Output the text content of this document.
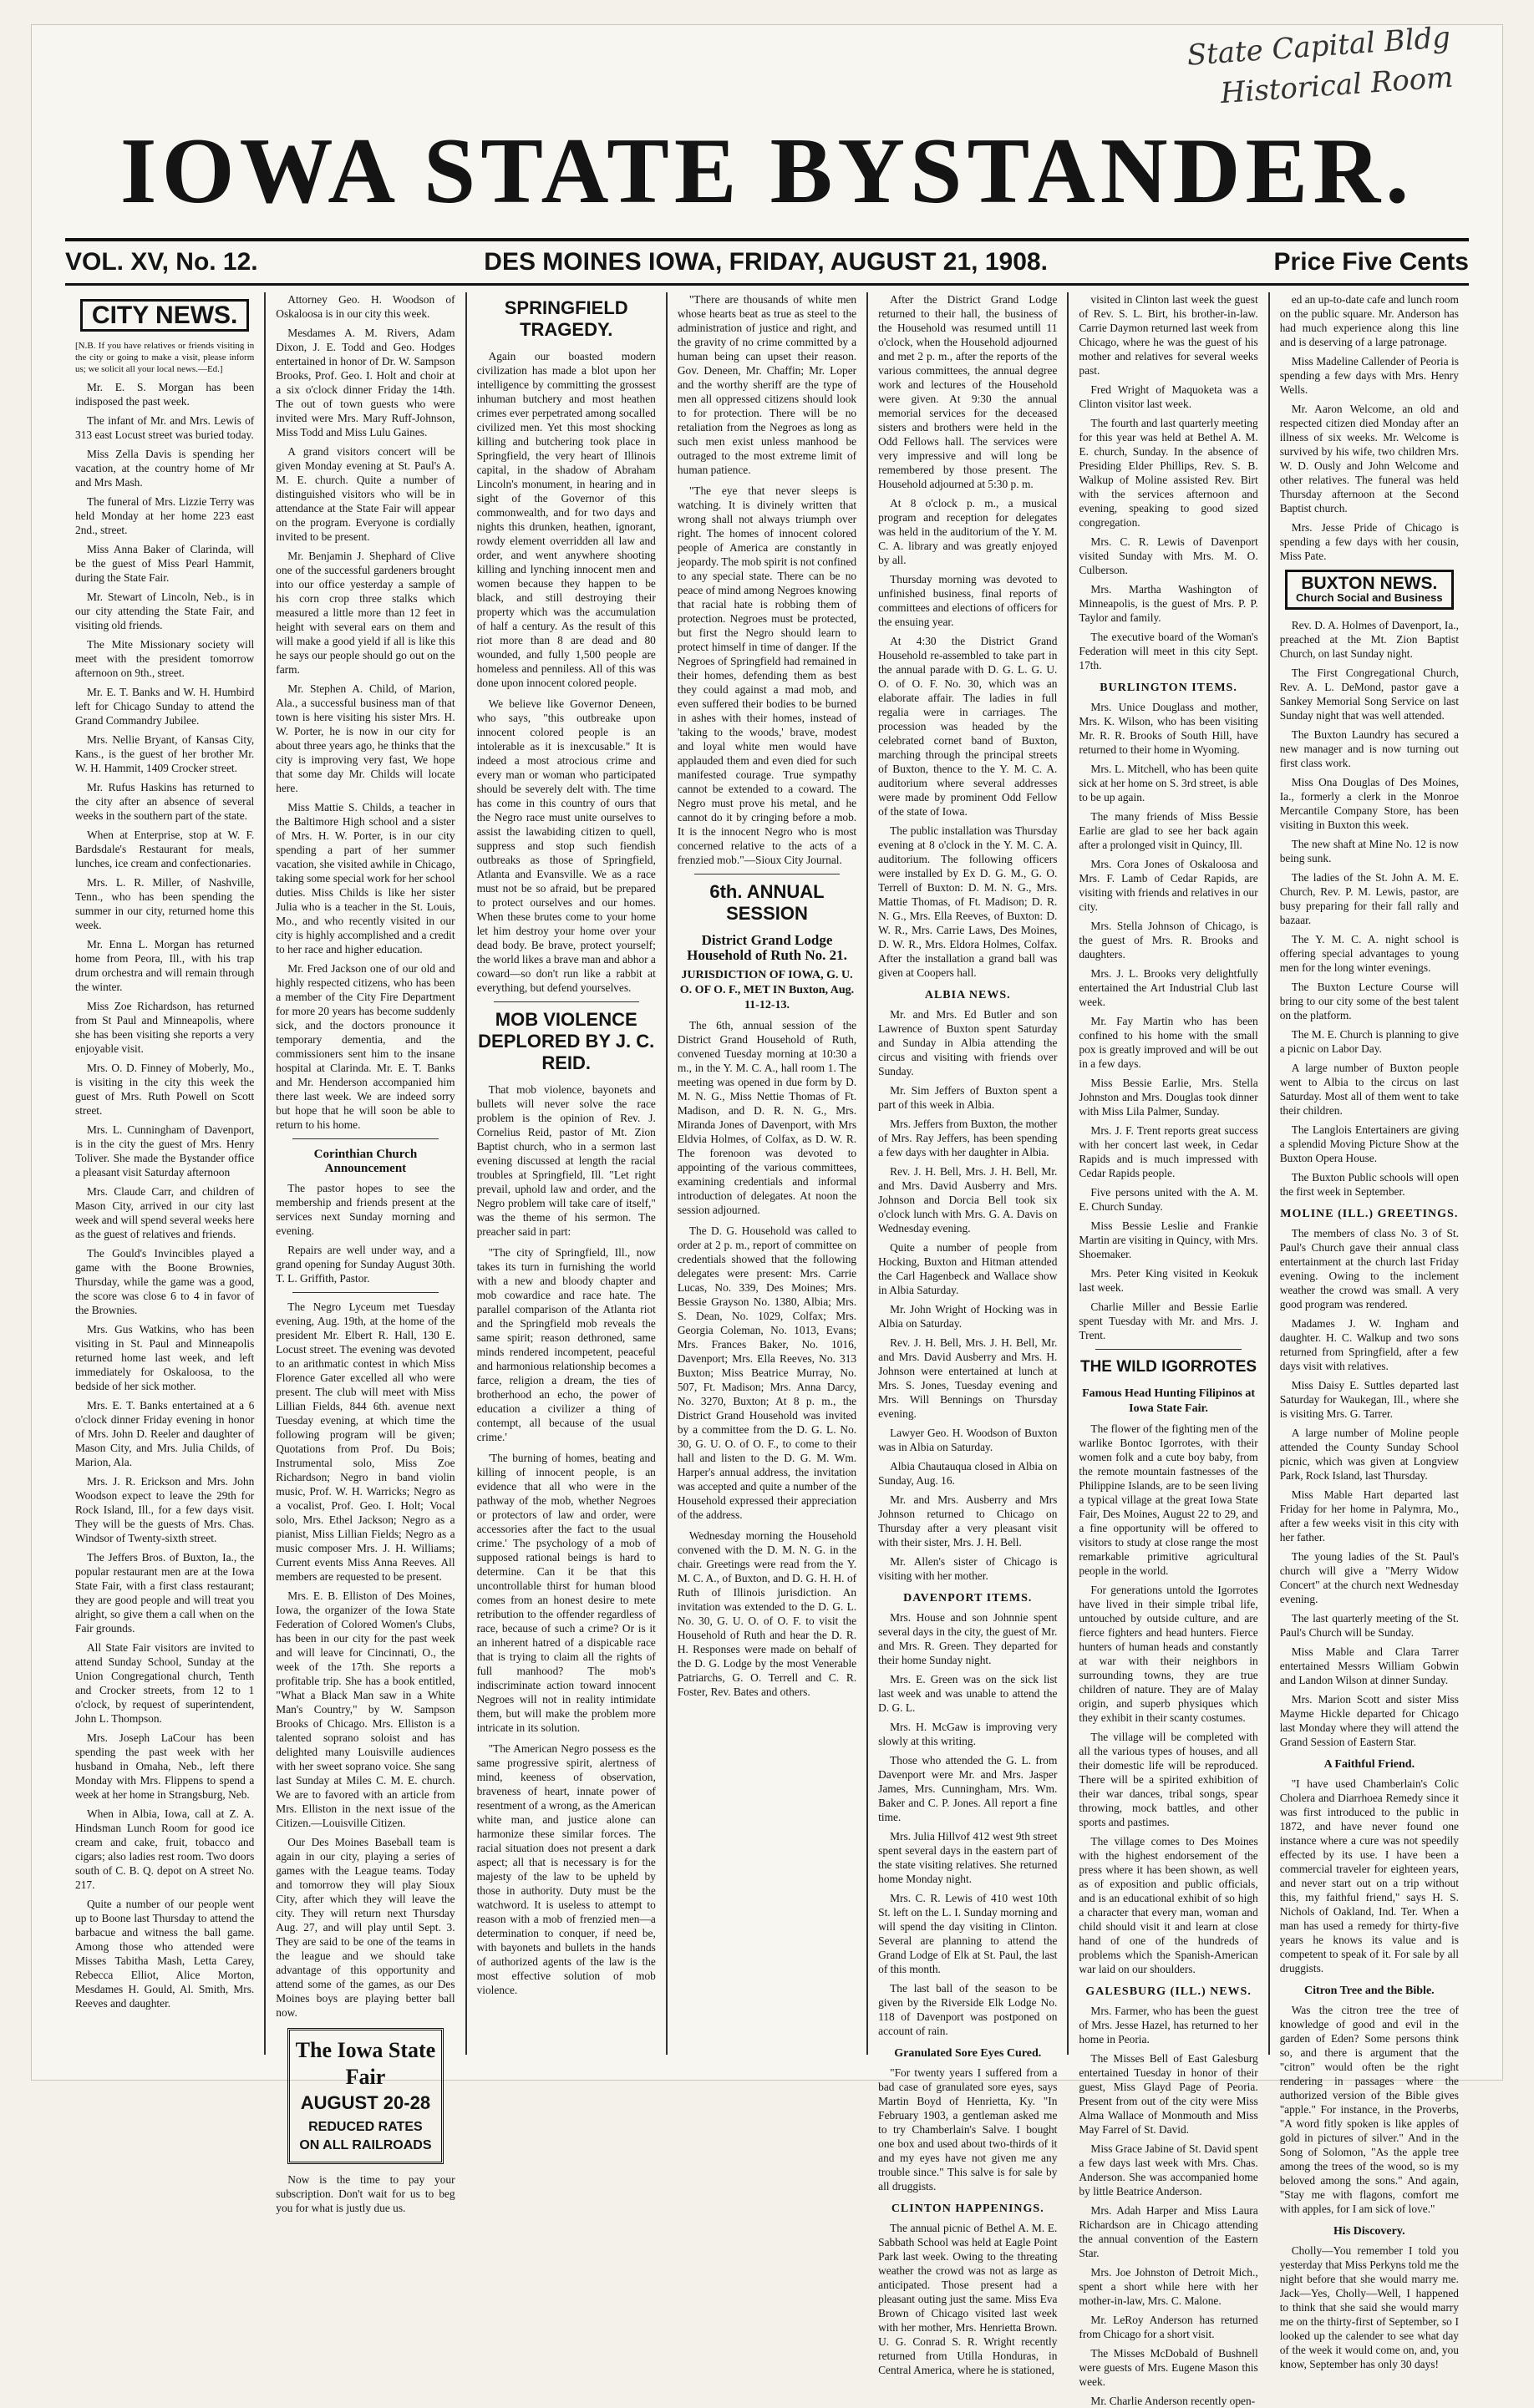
State Capital Bldg
Historical Room
IOWA STATE BYSTANDER.
VOL. XV, No. 12.	DES MOINES IOWA, FRIDAY, AUGUST 21, 1908.	Price Five Cents
CITY NEWS.
[N.B. If you have relatives or friends visiting in the city or going to make a visit, please inform us; we solicit all your local news.—Ed.]

Mr. E. S. Morgan has been indisposed the past week.

The infant of Mr. and Mrs. Lewis of 313 east Locust street was buried today.

Miss Zella Davis is spending her vacation, at the country home of Mr and Mrs Mash.

The funeral of Mrs. Lizzie Terry was held Monday at her home 223 east 2nd., street.

Miss Anna Baker of Clarinda, will be the guest of Miss Pearl Hammit, during the State Fair.

Mr. Stewart of Lincoln, Neb., is in our city attending the State Fair, and visiting old friends.

The Mite Missionary society will meet with the president tomorrow afternoon on 9th., street.

Mr. E. T. Banks and W. H. Humbird left for Chicago Sunday to attend the Grand Commandry Jubilee.

Mrs. Nellie Bryant, of Kansas City, Kans., is the guest of her brother Mr. W. H. Hammit, 1409 Crocker street.

Mr. Rufus Haskins has returned to the city after an absence of several weeks in the southern part of the state.

When at Enterprise, stop at W. F. Bardsdale's Restaurant for meals, lunches, ice cream and confectionaries.

Mrs. L. R. Miller, of Nashville, Tenn., who has been spending the summer in our city, returned home this week.

Mr. Enna L. Morgan has returned home from Peora, Ill., with his trap drum orchestra and will remain through the winter.

Miss Zoe Richardson, has returned from St Paul and Minneapolis, where she has been visiting she reports a very enjoyable visit.

Mrs. O. D. Finney of Moberly, Mo., is visiting in the city this week the guest of Mrs. Ruth Powell on Scott street.

Mrs. L. Cunningham of Davenport, is in the city the guest of Mrs. Henry Toliver. She made the Bystander office a pleasant visit Saturday afternoon

Mrs. Claude Carr, and children of Mason City, arrived in our city last week and will spend several weeks here as the guest of relatives and friends.

The Gould's Invincibles played a game with the Boone Brownies, Thursday, while the game was a good, the score was close 6 to 4 in favor of the Brownies.

Mrs. Gus Watkins, who has been visiting in St. Paul and Minneapolis returned home last week, and left immediately for Oskaloosa, to the bedside of her sick mother.

Mrs. E. T. Banks entertained at a 6 o'clock dinner Friday evening in honor of Mrs. John D. Reeler and daughter of Mason City, and Mrs. Julia Childs, of Marion, Ala.

Mrs. J. R. Erickson and Mrs. John Woodson expect to leave the 29th for Rock Island, Ill., for a few days visit. They will be the guests of Mrs. Chas. Windsor of Twenty-sixth street.

The Jeffers Bros. of Buxton, Ia., the popular restaurant men are at the Iowa State Fair, with a first class restaurant; they are good people and will treat you alright, so give them a call when on the Fair grounds.

All State Fair visitors are invited to attend Sunday School, Sunday at the Union Congregational church, Tenth and Crocker streets, from 12 to 1 o'clock, by request of superintendent, John L. Thompson.

Mrs. Joseph LaCour has been spending the past week with her husband in Omaha, Neb., left there Monday with Mrs. Flippens to spend a week at her home in Strangsburg, Neb.

When in Albia, Iowa, call at Z. A. Hindsman Lunch Room for good ice cream and cake, fruit, tobacco and cigars; also ladies rest room. Two doors south of C. B. Q. depot on A street No. 217.

Quite a number of our people went up to Boone last Thursday to attend the barbacue and witness the ball game. Among those who attended were Misses Tabitha Mash, Letta Carey, Rebecca Elliot, Alice Morton, Mesdames H. Gould, Al. Smith, Mrs. Reeves and daughter.

Attorney Geo. H. Woodson of Oskaloosa is in our city this week.

Mesdames A. M. Rivers, Adam Dixon, J. E. Todd and Geo. Hodges entertained in honor of Dr. W. Sampson Brooks, Prof. Geo. I. Holt and choir at a six o'clock dinner Friday the 14th. The out of town guests who were invited were Mrs. Mary Ruff-Johnson, Miss Todd and Miss Lulu Gaines.

A grand visitors concert will be given Monday evening at St. Paul's A. M. E. church. Quite a number of distinguished visitors who will be in attendance at the State Fair will appear on the program. Everyone is cordially invited to be present.

Mr. Benjamin J. Shephard of Clive one of the successful gardeners brought into our office yesterday a sample of his corn crop three stalks which measured a little more than 12 feet in height with several ears on them and will make a good yield if all is like this he says our people should go out on the farm.

Mr. Stephen A. Child, of Marion, Ala., a successful business man of that town is here visiting his sister Mrs. H. W. Porter, he is now in our city for about three years ago, he thinks that the city is improving very fast, We hope that some day Mr. Childs will locate here.

Miss Mattie S. Childs, a teacher in the Baltimore High school and a sister of Mrs. H. W. Porter, is in our city spending a part of her summer vacation, she visited awhile in Chicago, taking some special work for her school duties. Miss Childs is like her sister Julia who is a teacher in the St. Louis, Mo., and who recently visited in our city is highly accomplished and a credit to her race and higher education.

Mr. Fred Jackson one of our old and highly respected citizens, who has been a member of the City Fire Department for more 20 years has become suddenly sick, and the doctors pronounce it temporary dementia, and the commissioners sent him to the insane hospital at Clarinda. Mr. E. T. Banks and Mr. Henderson accompanied him there last week. We are indeed sorry but hope that he will soon be able to return to his home.

Corinthian Church Announcement

The pastor hopes to see the membership and friends present at the services next Sunday morning and evening.

Repairs are well under way, and a grand opening for Sunday August 30th. T. L. Griffith, Pastor.

The Negro Lyceum met Tuesday evening, Aug. 19th, at the home of the president Mr. Elbert R. Hall, 130 E. Locust street. The evening was devoted to an arithmatic contest in which Miss Florence Gater excelled all who were present. The club will meet with Miss Lillian Fields, 844 6th. avenue next Tuesday evening, at which time the following program will be given; Quotations from Prof. Du Bois; Instrumental solo, Miss Zoe Richardson; Negro in band violin music, Prof. W. H. Warricks; Negro as a vocalist, Prof. Geo. I. Holt; Vocal solo, Mrs. Ethel Jackson; Negro as a pianist, Miss Lillian Fields; Negro as a music composer Mrs. J. H. Williams; Current events Miss Anna Reeves. All members are requested to be present.

Mrs. E. B. Elliston of Des Moines, Iowa, the organizer of the Iowa State Federation of Colored Women's Clubs, has been in our city for the past week and will leave for Cincinnati, O., the week of the 17th. She reports a profitable trip. She has a book entitled, "What a Black Man saw in a White Man's Country," by W. Sampson Brooks of Chicago. Mrs. Elliston is a talented soprano soloist and has delighted many Louisville audiences with her sweet soprano voice. She sang last Sunday at Miles C. M. E. church. We are to favored with an article from Mrs. Elliston in the next issue of the Citizen.—Louisville Citizen.

Our Des Moines Baseball team is again in our city, playing a series of games with the League teams. Today and tomorrow they will play Sioux City, after which they will leave the city. They will return next Thursday Aug. 27, and will play until Sept. 3. They are said to be one of the teams in the league and we should take advantage of this opportunity and attend some of the games, as our Des Moines boys are playing better ball now.

The Iowa State Fair
AUGUST 20-28
REDUCED RATES
ON ALL RAILROADS

Now is the time to pay your subscription. Don't wait for us to beg you for what is justly due us.

SPRINGFIELD TRAGEDY.

Again our boasted modern civilization has made a blot upon her intelligence by committing the grossest inhuman butchery and most heathen crimes ever perpetrated among socalled civilized men. Yet this most shocking killing and butchering took place in Springfield, the very heart of Illinois capital, in the shadow of Abraham Lincoln's monument, in hearing and in sight of the Governor of this commonwealth, and for two days and nights this drunken, heathen, ignorant, rowdy element overridden all law and order, and went anywhere shooting killing and lynching innocent men and women because they happen to be black, and still destroying their property which was the accumulation of half a century. As the result of this riot more than 8 are dead and 80 wounded, and fully 1,500 people are homeless and penniless. All of this was done upon innocent colored people.

We believe like Governor Deneen, who says, "this outbreake upon innocent colored people is an intolerable as it is inexcusable." It is indeed a most atrocious crime and every man or woman who participated should be severely delt with. The time has come in this country of ours that the Negro race must unite ourselves to assist the lawabiding citizen to quell, suppress and stop such fiendish outbreaks as those of Springfield, Atlanta and Evansville. We as a race must not be so afraid, but be prepared to protect ourselves and our homes. When these brutes come to your home let him destroy your home over your dead body. Be brave, protect yourself; the world likes a brave man and abhor a coward—so don't run like a rabbit at everything, but defend yourselves.

MOB VIOLENCE DEPLORED BY J. C. REID.

That mob violence, bayonets and bullets will never solve the race problem is the opinion of Rev. J. Cornelius Reid, pastor of Mt. Zion Baptist church, who in a sermon last evening discussed at length the racial troubles at Springfield, Ill. "Let right prevail, uphold law and order, and the Negro problem will take care of itself," was the theme of his sermon. The preacher said in part:

"The city of Springfield, Ill., now takes its turn in furnishing the world with a new and bloody chapter and mob cowardice and race hate. The parallel comparison of the Atlanta riot and the Springfield mob reveals the same spirit; reason dethroned, same minds rendered incompetent, peaceful and harmonious relationship becomes a farce, religion a dream, the ties of brotherhood an echo, the power of education a civilizer a thing of contempt, all because of the usual crime.'

'The burning of homes, beating and killing of innocent people, is an evidence that all who were in the pathway of the mob, whether Negroes or protectors of law and order, were accessories after the fact to the usual crime.' The psychology of a mob of supposed rational beings is hard to determine. Can it be that this uncontrollable thirst for human blood comes from an honest desire to mete retribution to the offender regardless of race, because of such a crime? Or is it an inherent hatred of a dispicable race that is trying to claim all the rights of full manhood? The mob's indiscriminate action toward innocent Negroes will not in reality intimidate them, but will make the problem more intricate in its solution.

"The American Negro possess es the same progressive spirit, alertness of mind, keeness of observation, braveness of heart, innate power of resentment of a wrong, as the American white man, and justice alone can harmonize these similar forces. The racial situation does not present a dark aspect; all that is necessary is for the majesty of the law to be upheld by those in authority. Duty must be the watchword. It is useless to attempt to reason with a mob of frenzied men—a determination to conquer, if need be, with bayonets and bullets in the hands of authorized agents of the law is the most effective solution of mob violence.

"There are thousands of white men whose hearts beat as true as steel to the administration of justice and right, and the gravity of no crime committed by a human being can upset their reason. Gov. Deneen, Mr. Chaffin; Mr. Loper and the worthy sheriff are the type of men all oppressed citizens should look to for protection. There will be no retaliation from the Negroes as long as such men exist unless manhood be outraged to the most extreme limit of human patience.

"The eye that never sleeps is watching. It is divinely written that wrong shall not always triumph over right. The homes of innocent colored people of America are constantly in jeopardy. The mob spirit is not confined to any special state. There can be no peace of mind among Negroes knowing that racial hate is robbing them of protection. Negroes must be protected, but first the Negro should learn to protect himself in time of danger. If the Negroes of Springfield had remained in their homes, defending them as best they could against a mad mob, and even suffered their bodies to be burned in ashes with their homes, instead of 'taking to the woods,' brave, modest and loyal white men would have applauded them and even died for such manifested courage. True sympathy cannot be extended to a coward. The Negro must prove his metal, and he cannot do it by cringing before a mob. It is the innocent Negro who is most concerned relative to the acts of a frenzied mob."—Sioux City Journal.

6th. ANNUAL SESSION
District Grand Lodge Household of Ruth No. 21.
JURISDICTION OF IOWA, G. U. O. OF O. F., MET IN Buxton, Aug. 11-12-13.

The 6th, annual session of the District Grand Household of Ruth, convened Tuesday morning at 10:30 a m., in the Y. M. C. A., hall room 1. The meeting was opened in due form by D. M. N. G., Miss Nettie Thomas of Ft. Madison, and D. R. N. G., Mrs. Miranda Jones of Davenport, with Mrs Eldvia Holmes, of Colfax, as D. W. R. The forenoon was devoted to appointing of the various committees, examining credentials and informal introduction of delegates. At noon the session adjourned.

The D. G. Household was called to order at 2 p. m., report of committee on credentials showed that the following delegates were present: Mrs. Carrie Lucas, No. 339, Des Moines; Mrs. Bessie Grayson No. 1380, Albia; Mrs. S. Dean, No. 1029, Colfax; Mrs. Georgia Coleman, No. 1013, Evans; Mrs. Frances Baker, No. 1016, Davenport; Mrs. Ella Reeves, No. 313 Buxton; Miss Beatrice Murray, No. 507, Ft. Madison; Mrs. Anna Darcy, No. 3270, Buxton; At 8 p. m., the District Grand Household was invited by a committee from the D. G. L. No. 30, G. U. O. of O. F., to come to their hall and listen to the D. G. M. Wm. Harper's annual address, the invitation was accepted and quite a number of the Household expressed their appreciation of the address.

Wednesday morning the Household convened with the D. M. N. G. in the chair. Greetings were read from the Y. M. C. A., of Buxton, and D. G. H. H. of Ruth of Illinois jurisdiction. An invitation was extended to the D. G. L. No. 30, G. U. O. of O. F. to visit the Household of Ruth and hear the D. R. H. Responses were made on behalf of the D. G. Lodge by the most Venerable Patriarchs, G. O. Terrell and C. R. Foster, Rev. Bates and others.

After the District Grand Lodge returned to their hall, the business of the Household was resumed untill 11 o'clock, when the Household adjourned and met 2 p. m., after the reports of the various committees, the annual degree work and lectures of the Household were given. At 9:30 the annual memorial services for the deceased sisters and brothers were held in the Odd Fellows hall. The services were very impressive and will long be remembered by those present. The Household adjourned at 5:30 p. m.

At 8 o'clock p. m., a musical program and reception for delegates was held in the auditorium of the Y. M. C. A. library and was greatly enjoyed by all.

Thursday morning was devoted to unfinished business, final reports of committees and elections of officers for the ensuing year.

At 4:30 the District Grand Household re-assembled to take part in the annual parade with D. G. L. G. U. O. of O. F. No. 30, which was an elaborate affair. The ladies in full regalia were in carriages. The procession was headed by the celebrated cornet band of Buxton, marching through the principal streets of Buxton, thence to the Y. M. C. A. auditorium where several addresses were made by prominent Odd Fellow of the state of Iowa.

The public installation was Thursday evening at 8 o'clock in the Y. M. C. A. auditorium. The following officers were installed by Ex D. G. M., G. O. Terrell of Buxton: D. M. N. G., Mrs. Mattie Thomas, of Ft. Madison; D. R. N. G., Mrs. Ella Reeves, of Buxton: D. W. R., Mrs. Carrie Laws, Des Moines, D. W. R., Mrs. Eldora Holmes, Colfax. After the installation a grand ball was given at Coopers hall.

ALBIA NEWS.

Mr. and Mrs. Ed Butler and son Lawrence of Buxton spent Saturday and Sunday in Albia attending the circus and visiting with friends over Sunday.

Mr. Sim Jeffers of Buxton spent a part of this week in Albia.

Mrs. Jeffers from Buxton, the mother of Mrs. Ray Jeffers, has been spending a few days with her daughter in Albia.

Rev. J. H. Bell, Mrs. J. H. Bell, Mr. and Mrs. David Ausberry and Mrs. Johnson and Dorcia Bell took six o'clock lunch with Mrs. G. A. Davis on Wednesday evening.

Quite a number of people from Hocking, Buxton and Hitman attended the Carl Hagenbeck and Wallace show in Albia Saturday.

Mr. John Wright of Hocking was in Albia on Saturday.

Rev. J. H. Bell, Mrs. J. H. Bell, Mr. and Mrs. David Ausberry and Mrs. H. Johnson were entertained at lunch at Mrs. S. Jones, Tuesday evening and Mrs. Will Bennings on Thursday evening.

Lawyer Geo. H. Woodson of Buxton was in Albia on Saturday.

Albia Chautauqua closed in Albia on Sunday, Aug. 16.

Mr. and Mrs. Ausberry and Mrs Johnson returned to Chicago on Thursday after a very pleasant visit with their sister, Mrs. J. H. Bell.

Mr. Allen's sister of Chicago is visiting with her mother.

DAVENPORT ITEMS.

Mrs. House and son Johnnie spent several days in the city, the guest of Mr. and Mrs. R. Green. They departed for their home Sunday night.

Mrs. E. Green was on the sick list last week and was unable to attend the D. G. L.

Mrs. H. McGaw is improving very slowly at this writing.

Those who attended the G. L. from Davenport were Mr. and Mrs. Jasper James, Mrs. Cunningham, Mrs. Wm. Baker and C. P. Jones. All report a fine time.

Mrs. Julia Hillvof 412 west 9th street spent several days in the eastern part of the state visiting relatives. She returned home Monday night.

Mrs. C. R. Lewis of 410 west 10th St. left on the L. I. Sunday morning and will spend the day visiting in Clinton. Several are planning to attend the Grand Lodge of Elk at St. Paul, the last of this month.

The last ball of the season to be given by the Riverside Elk Lodge No. 118 of Davenport was postponed on account of rain.

Granulated Sore Eyes Cured.

"For twenty years I suffered from a bad case of granulated sore eyes, says Martin Boyd of Henrietta, Ky. "In February 1903, a gentleman asked me to try Chamberlain's Salve. I bought one box and used about two-thirds of it and my eyes have not given me any trouble since." This salve is for sale by all druggists.

CLINTON HAPPENINGS.

The annual picnic of Bethel A. M. E. Sabbath School was held at Eagle Point Park last week. Owing to the threating weather the crowd was not as large as anticipated. Those present had a pleasant outing just the same. Miss Eva Brown of Chicago visited last week with her mother, Mrs. Henrietta Brown. U. G. Conrad S. R. Wright recently returned from Utilla Honduras, in Central America, where he is stationed,

visited in Clinton last week the guest of Rev. S. L. Birt, his brother-in-law. Carrie Daymon returned last week from Chicago, where he was the guest of his mother and relatives for several weeks past.

Fred Wright of Maquoketa was a Clinton visitor last week.

The fourth and last quarterly meeting for this year was held at Bethel A. M. E. church, Sunday. In the absence of Presiding Elder Phillips, Rev. S. B. Walkup of Moline assisted Rev. Birt with the services afternoon and evening, speaking to good sized congregation.

Mrs. C. R. Lewis of Davenport visited Sunday with Mrs. M. O. Culberson.

Mrs. Martha Washington of Minneapolis, is the guest of Mrs. P. P. Taylor and family.

The executive board of the Woman's Federation will meet in this city Sept. 17th.

BURLINGTON ITEMS.

Mrs. Unice Douglass and mother, Mrs. K. Wilson, who has been visiting Mr. R. R. Brooks of South Hill, have returned to their home in Wyoming.

Mrs. L. Mitchell, who has been quite sick at her home on S. 3rd street, is able to be up again.

The many friends of Miss Bessie Earlie are glad to see her back again after a prolonged visit in Quincy, Ill.

Mrs. Cora Jones of Oskaloosa and Mrs. F. Lamb of Cedar Rapids, are visiting with friends and relatives in our city.

Mrs. Stella Johnson of Chicago, is the guest of Mrs. R. Brooks and daughters.

Mrs. J. L. Brooks very delightfully entertained the Art Industrial Club last week.

Mr. Fay Martin who has been confined to his home with the small pox is greatly improved and will be out in a few days.

Miss Bessie Earlie, Mrs. Stella Johnston and Mrs. Douglas took dinner with Miss Lila Palmer, Sunday.

Mrs. J. F. Trent reports great success with her concert last week, in Cedar Rapids and is much impressed with Cedar Rapids people.

Five persons united with the A. M. E. Church Sunday.

Miss Bessie Leslie and Frankie Martin are visiting in Quincy, with Mrs. Shoemaker.

Mrs. Peter King visited in Keokuk last week.

Charlie Miller and Bessie Earlie spent Tuesday with Mr. and Mrs. J. Trent.

THE WILD IGORROTES
Famous Head Hunting Filipinos at Iowa State Fair.

The flower of the fighting men of the warlike Bontoc Igorrotes, with their women folk and a cute boy baby, from the remote mountain fastnesses of the Philippine Islands, are to be seen living a typical village at the great Iowa State Fair, Des Moines, August 22 to 29, and a fine opportunity will be offered to visitors to study at close range the most remarkable primitive agricultural people in the world.

For generations untold the Igorrotes have lived in their simple tribal life, untouched by outside culture, and are fierce fighters and head hunters. Fierce hunters of human heads and constantly at war with their neighbors in surrounding towns, they are true children of nature. They are of Malay origin, and superb physiques which they exhibit in their scanty costumes.

The village will be completed with all the various types of houses, and all their domestic life will be reproduced. There will be a spirited exhibition of their war dances, tribal songs, spear throwing, mock battles, and other sports and pastimes.

The village comes to Des Moines with the highest endorsement of the press where it has been shown, as well as of exposition and public officials, and is an educational exhibit of so high a character that every man, woman and child should visit it and learn at close hand of one of the hundreds of problems which the Spanish-American war laid on our shoulders.

GALESBURG (ILL.) NEWS.

Mrs. Farmer, who has been the guest of Mrs. Jesse Hazel, has returned to her home in Peoria.

The Misses Bell of East Galesburg entertained Tuesday in honor of their guest, Miss Glayd Page of Peoria. Present from out of the city were Miss Alma Wallace of Monmouth and Miss May Farrel of St. David.

Miss Grace Jabine of St. David spent a few days last week with Mrs. Chas. Anderson. She was accompanied home by little Beatrice Anderson.

Mrs. Adah Harper and Miss Laura Richardson are in Chicago attending the annual convention of the Eastern Star.

Mrs. Joe Johnston of Detroit Mich., spent a short while here with her mother-in-law, Mrs. C. Malone.

Mr. LeRoy Anderson has returned from Chicago for a short visit.

The Misses McDobald of Bushnell were guests of Mrs. Eugene Mason this week.

Mr. Charlie Anderson recently open-

ed an up-to-date cafe and lunch room on the public square. Mr. Anderson has had much experience along this line and is deserving of a large patronage.

Miss Madeline Callender of Peoria is spending a few days with Mrs. Henry Wells.

Mr. Aaron Welcome, an old and respected citizen died Monday after an illness of six weeks. Mr. Welcome is survived by his wife, two children Mrs. W. D. Ously and John Welcome and other relatives. The funeral was held Thursday afternoon at the Second Baptist church.

Mrs. Jesse Pride of Chicago is spending a few days with her cousin, Miss Pate.

BUXTON NEWS.
Church Social and Business

Rev. D. A. Holmes of Davenport, Ia., preached at the Mt. Zion Baptist Church, on last Sunday night.

The First Congregational Church, Rev. A. L. DeMond, pastor gave a Sankey Memorial Song Service on last Sunday night that was well attended.

The Buxton Laundry has secured a new manager and is now turning out first class work.

Miss Ona Douglas of Des Moines, Ia., formerly a clerk in the Monroe Mercantile Company Store, has been visiting in Buxton this week.

The new shaft at Mine No. 12 is now being sunk.

The ladies of the St. John A. M. E. Church, Rev. P. M. Lewis, pastor, are busy preparing for their fall rally and bazaar.

The Y. M. C. A. night school is offering special advantages to young men for the long winter evenings.

The Buxton Lecture Course will bring to our city some of the best talent on the platform.

The M. E. Church is planning to give a picnic on Labor Day.

A large number of Buxton people went to Albia to the circus on last Saturday. Most all of them went to take their children.

The Langlois Entertainers are giving a splendid Moving Picture Show at the Buxton Opera House.

The Buxton Public schools will open the first week in September.

MOLINE (ILL.) GREETINGS.

The members of class No. 3 of St. Paul's Church gave their annual class entertainment at the church last Friday evening. Owing to the inclement weather the crowd was small. A very good program was rendered.

Madames J. W. Ingham and daughter. H. C. Walkup and two sons returned from Springfield, after a few days visit with relatives.

Miss Daisy E. Suttles departed last Saturday for Waukegan, Ill., where she is visiting Mrs. G. Tarrer.

A large number of Moline people attended the County Sunday School picnic, which was given at Longview Park, Rock Island, last Thursday.

Miss Mable Hart departed last Friday for her home in Palymra, Mo., after a few weeks visit in this city with her father.

The young ladies of the St. Paul's church will give a "Merry Widow Concert" at the church next Wednesday evening.

The last quarterly meeting of the St. Paul's Church will be Sunday.

Miss Mable and Clara Tarrer entertained Messrs William Gobwin and Landon Wilson at dinner Sunday.

Mrs. Marion Scott and sister Miss Mayme Hickle departed for Chicago last Monday where they will attend the Grand Session of Eastern Star.

A Faithful Friend.

"I have used Chamberlain's Colic Cholera and Diarrhoea Remedy since it was first introduced to the public in 1872, and have never found one instance where a cure was not speedily effected by its use. I have been a commercial traveler for eighteen years, and never start out on a trip without this, my faithful friend," says H. S. Nichols of Oakland, Ind. Ter. When a man has used a remedy for thirty-five years he knows its value and is competent to speak of it. For sale by all druggists.

Citron Tree and the Bible.

Was the citron tree the tree of knowledge of good and evil in the garden of Eden? Some persons think so, and there is argument that the "citron" would often be the right rendering in passages where the authorized version of the Bible gives "apple." For instance, in the Proverbs, "A word fitly spoken is like apples of gold in pictures of silver." And in the Song of Solomon, "As the apple tree among the trees of the wood, so is my beloved among the sons." And again, "Stay me with flagons, comfort me with apples, for I am sick of love."

His Discovery.

Cholly—You remember I told you yesterday that Miss Perkyns told me the night before that she would marry me. Jack—Yes, Cholly—Well, I happened to think that she said she would marry me on the thirty-first of September, so I looked up the calender to see what day of the week it would come on, and, you know, September has only 30 days!
